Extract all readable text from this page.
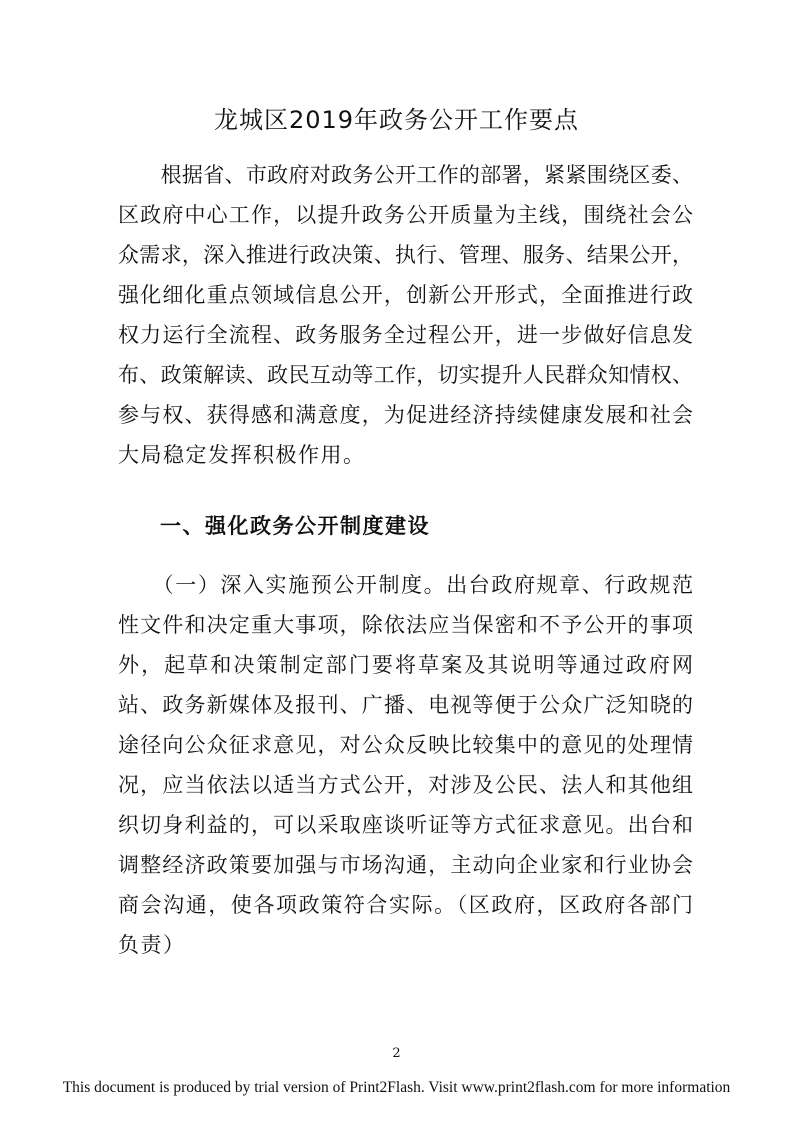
龙城区2019年政务公开工作要点
　　根据省、市政府对政务公开工作的部署，紧紧围绕区委、
区政府中心工作，以提升政务公开质量为主线，围绕社会公
众需求，深入推进行政决策、执行、管理、服务、结果公开，
强化细化重点领域信息公开，创新公开形式，全面推进行政
权力运行全流程、政务服务全过程公开，进一步做好信息发
布、政策解读、政民互动等工作，切实提升人民群众知情权、
参与权、获得感和满意度，为促进经济持续健康发展和社会
大局稳定发挥积极作用。
一、强化政务公开制度建设
　　（一）深入实施预公开制度。出台政府规章、行政规范
性文件和决定重大事项，除依法应当保密和不予公开的事项
外，起草和决策制定部门要将草案及其说明等通过政府网
站、政务新媒体及报刊、广播、电视等便于公众广泛知晓的
途径向公众征求意见，对公众反映比较集中的意见的处理情
况，应当依法以适当方式公开，对涉及公民、法人和其他组
织切身利益的，可以采取座谈听证等方式征求意见。出台和
调整经济政策要加强与市场沟通，主动向企业家和行业协会
商会沟通，使各项政策符合实际。（区政府，区政府各部门
负责）
2
This document is produced by trial version of Print2Flash. Visit www.print2flash.com for more information
